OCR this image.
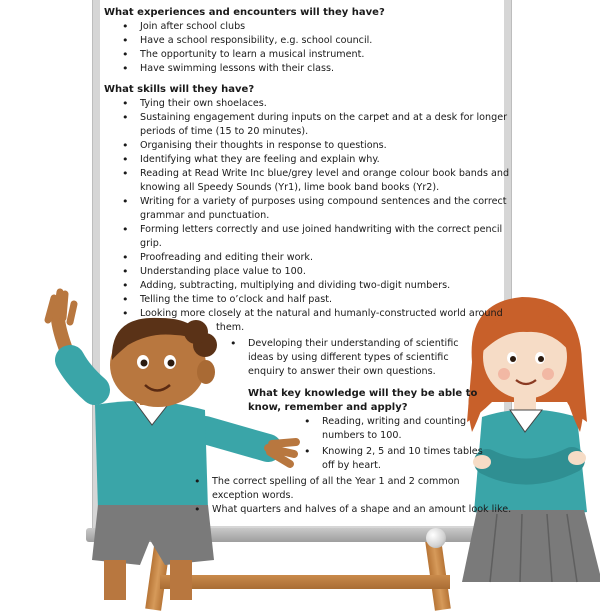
What experiences and encounters will they have?
• Join after school clubs
• Have a school responsibility, e.g. school council.
• The opportunity to learn a musical instrument.
• Have swimming lessons with their class.
What skills will they have?
• Tying their own shoelaces.
• Sustaining engagement during inputs on the carpet and at a desk for longer
periods of time (15 to 20 minutes).
• Organising their thoughts in response to questions.
• Identifying what they are feeling and explain why.
• Reading at Read Write Inc blue/grey level and orange colour book bands and
knowing all Speedy Sounds (Yr1), lime book band books (Yr2).
• Writing for a variety of purposes using compound sentences and the correct
grammar and punctuation.
• Forming letters correctly and use joined handwriting with the correct pencil
grip.
• Proofreading and editing their work.
• Understanding place value to 100.
• Adding, subtracting, multiplying and dividing two-digit numbers.
• Telling the time to o’clock and half past.
• Looking more closely at the natural and humanly-constructed world around
them.
• Developing their understanding of scientific
ideas by using different types of scientific
enquiry to answer their own questions.
What key knowledge will they be able to
know, remember and apply?
• Reading, writing and counting
numbers to 100.
• Knowing 2, 5 and 10 times tables
off by heart.
• The correct spelling of all the Year 1 and 2 common
exception words.
• What quarters and halves of a shape and an amount look like.
